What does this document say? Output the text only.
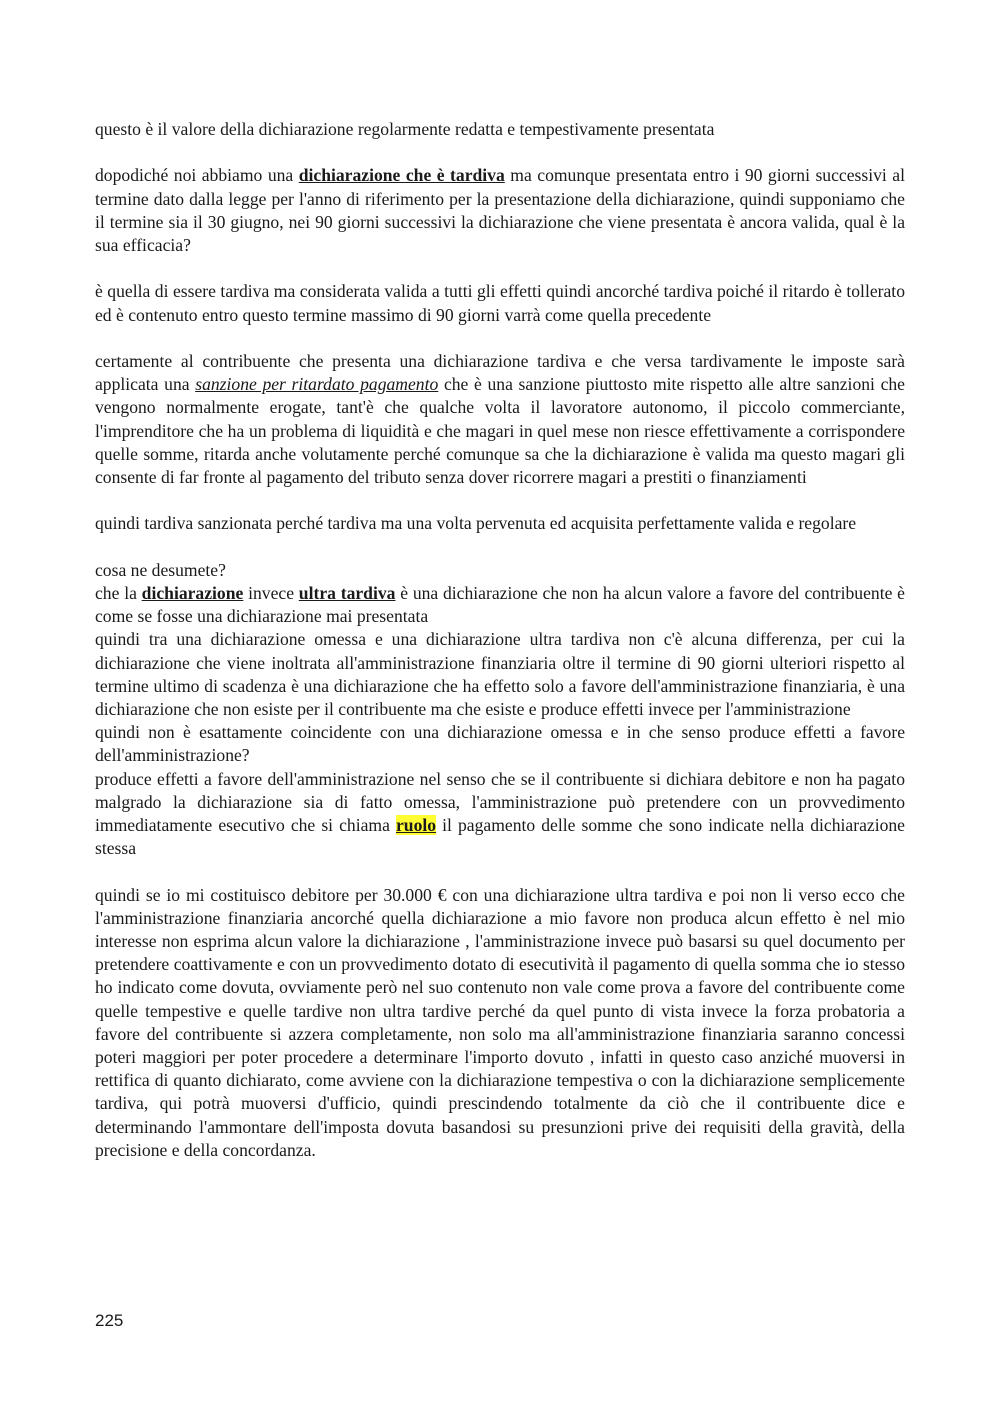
questo è il valore della dichiarazione regolarmente redatta e tempestivamente presentata

dopodiché noi abbiamo una dichiarazione che è tardiva ma comunque presentata entro i 90 giorni successivi al termine dato dalla legge per l'anno di riferimento per la presentazione della dichiarazione, quindi supponiamo che il termine sia il 30 giugno, nei 90 giorni successivi la dichiarazione che viene presentata è ancora valida, qual è la sua efficacia?

è quella di essere tardiva ma considerata valida a tutti gli effetti quindi ancorché tardiva poiché il ritardo è tollerato ed è contenuto entro questo termine massimo di 90 giorni varrà come quella precedente

certamente al contribuente che presenta una dichiarazione tardiva e che versa tardivamente le imposte sarà applicata una sanzione per ritardato pagamento che è una sanzione piuttosto mite rispetto alle altre sanzioni che vengono normalmente erogate, tant'è che qualche volta il lavoratore autonomo, il piccolo commerciante, l'imprenditore che ha un problema di liquidità e che magari in quel mese non riesce effettivamente a corrispondere quelle somme, ritarda anche volutamente perché comunque sa che la dichiarazione è valida ma questo magari gli consente di far fronte al pagamento del tributo senza dover ricorrere magari a prestiti o finanziamenti

quindi tardiva sanzionata perché tardiva ma una volta pervenuta ed acquisita perfettamente valida e regolare

cosa ne desumete?

che la dichiarazione invece ultra tardiva è una dichiarazione che non ha alcun valore a favore del contribuente è come se fosse una dichiarazione mai presentata

quindi tra una dichiarazione omessa e una dichiarazione ultra tardiva non c'è alcuna differenza, per cui la dichiarazione che viene inoltrata all'amministrazione finanziaria oltre il termine di 90 giorni ulteriori rispetto al termine ultimo di scadenza è una dichiarazione che ha effetto solo a favore dell'amministrazione finanziaria, è una dichiarazione che non esiste per il contribuente ma che esiste e produce effetti invece per l'amministrazione

quindi non è esattamente coincidente con una dichiarazione omessa e in che senso produce effetti a favore dell'amministrazione?

produce effetti a favore dell'amministrazione nel senso che se il contribuente si dichiara debitore e non ha pagato malgrado la dichiarazione sia di fatto omessa, l'amministrazione può pretendere con un provvedimento immediatamente esecutivo che si chiama ruolo il pagamento delle somme che sono indicate nella dichiarazione stessa

quindi se io mi costituisco debitore per 30.000 € con una dichiarazione ultra tardiva e poi non li verso ecco che l'amministrazione finanziaria ancorché quella dichiarazione a mio favore non produca alcun effetto è nel mio interesse non esprima alcun valore la dichiarazione , l'amministrazione invece può basarsi su quel documento per pretendere coattivamente e con un provvedimento dotato di esecutività il pagamento di quella somma che io stesso ho indicato come dovuta, ovviamente però nel suo contenuto non vale come prova a favore del contribuente come quelle tempestive e quelle tardive non ultra tardive perché da quel punto di vista invece la forza probatoria a favore del contribuente si azzera completamente, non solo ma all'amministrazione finanziaria saranno concessi poteri maggiori per poter procedere a determinare l'importo dovuto , infatti in questo caso anziché muoversi in rettifica di quanto dichiarato, come avviene con la dichiarazione tempestiva o con la dichiarazione semplicemente tardiva, qui potrà muoversi d'ufficio, quindi prescindendo totalmente da ciò che il contribuente dice e determinando l'ammontare dell'imposta dovuta basandosi su presunzioni prive dei requisiti della gravità, della precisione e della concordanza.

225
